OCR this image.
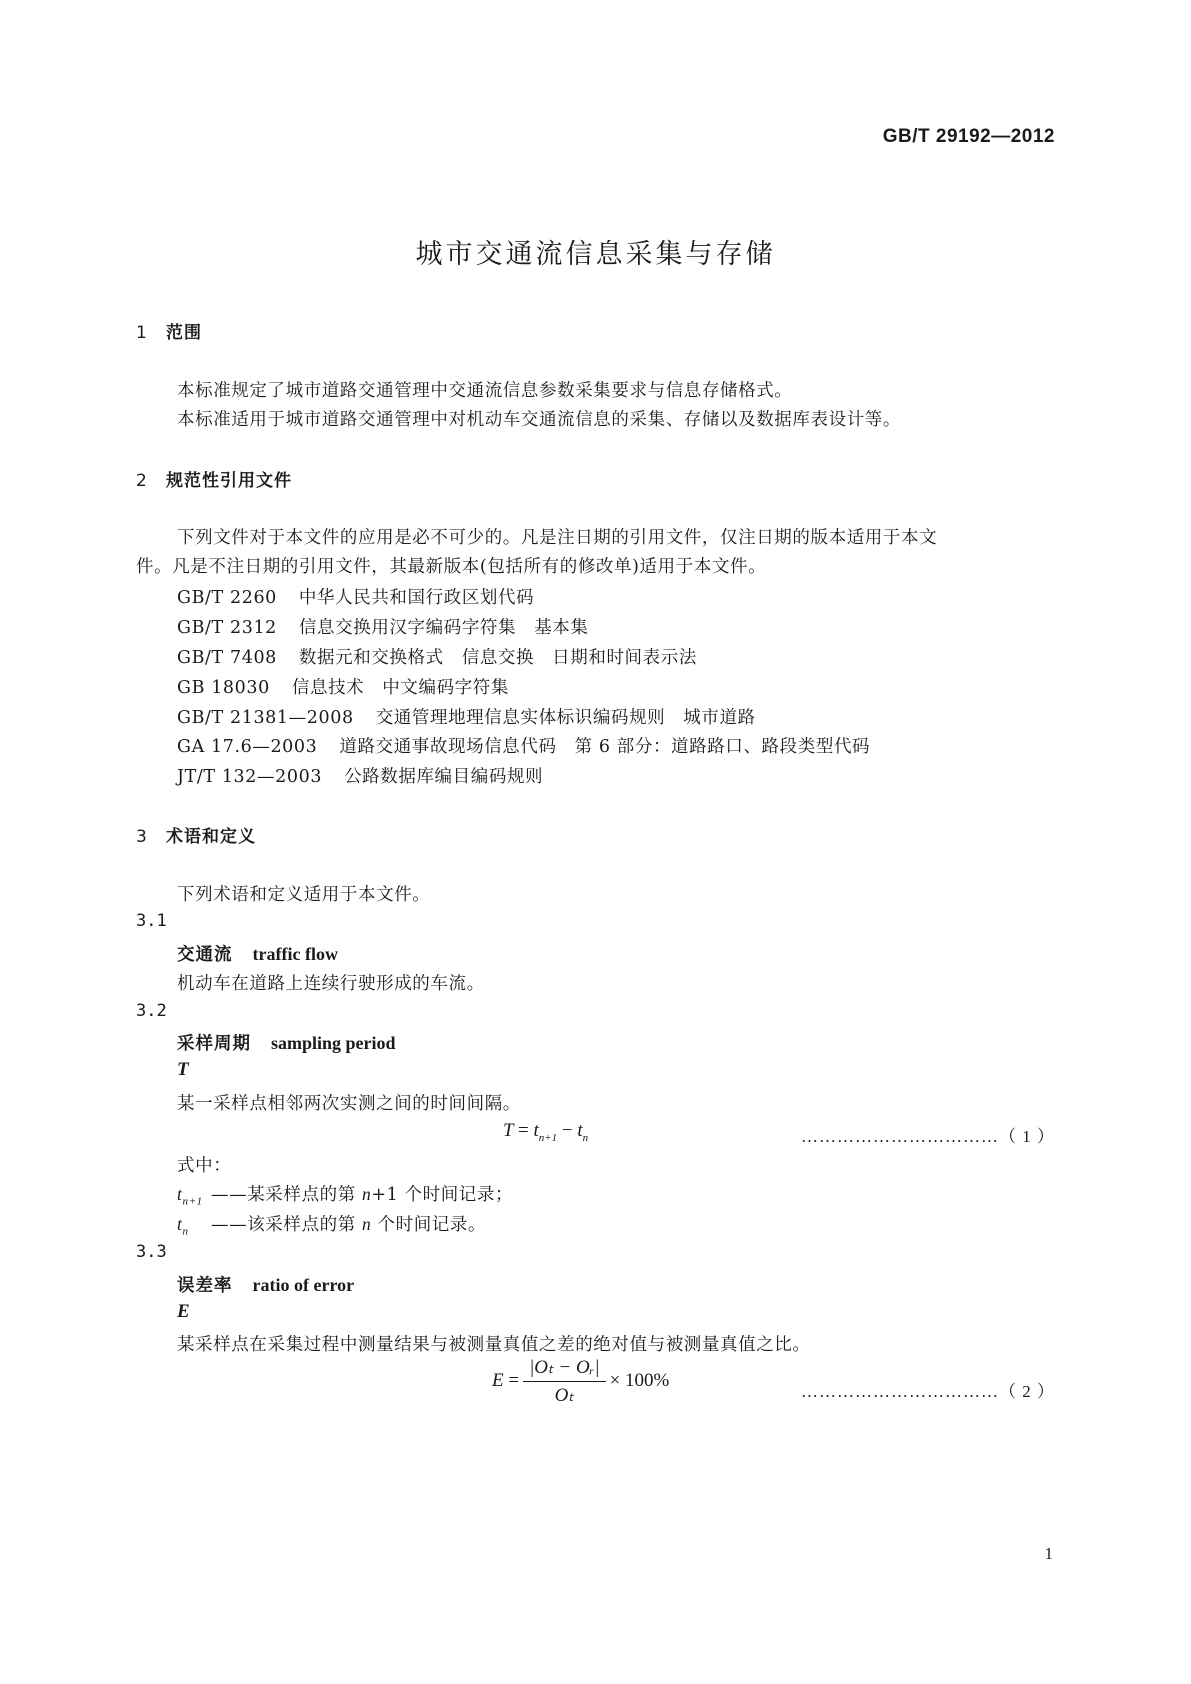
GB/T 29192—2012
城市交通流信息采集与存储
1 范围
本标准规定了城市道路交通管理中交通流信息参数采集要求与信息存储格式。
本标准适用于城市道路交通管理中对机动车交通流信息的采集、存储以及数据库表设计等。
2 规范性引用文件
下列文件对于本文件的应用是必不可少的。凡是注日期的引用文件，仅注日期的版本适用于本文
件。凡是不注日期的引用文件，其最新版本(包括所有的修改单)适用于本文件。
GB/T 2260 中华人民共和国行政区划代码
GB/T 2312 信息交换用汉字编码字符集 基本集
GB/T 7408 数据元和交换格式 信息交换 日期和时间表示法
GB 18030 信息技术 中文编码字符集
GB/T 21381—2008 交通管理地理信息实体标识编码规则 城市道路
GA 17.6—2003 道路交通事故现场信息代码 第 6 部分：道路路口、路段类型代码
JT/T 132—2003 公路数据库编目编码规则
3 术语和定义
下列术语和定义适用于本文件。
3.1
交通流 traffic flow
机动车在道路上连续行驶形成的车流。
3.2
采样周期 sampling period
T
某一采样点相邻两次实测之间的时间间隔。
$T = t_{n+1} - t_n$	……………………………（ 1 ）
式中：
$t_{n+1}$ ——某采样点的第 n+1 个时间记录；
$t_n$ ——该采样点的第 n 个时间记录。
3.3
误差率 ratio of error
E
某采样点在采集过程中测量结果与被测量真值之差的绝对值与被测量真值之比。
$E = \frac{\text{|Oₜ − Oᵣ|}}{\text{Oₜ}} \times 100\%$
……………………………（ 2 ）
1
